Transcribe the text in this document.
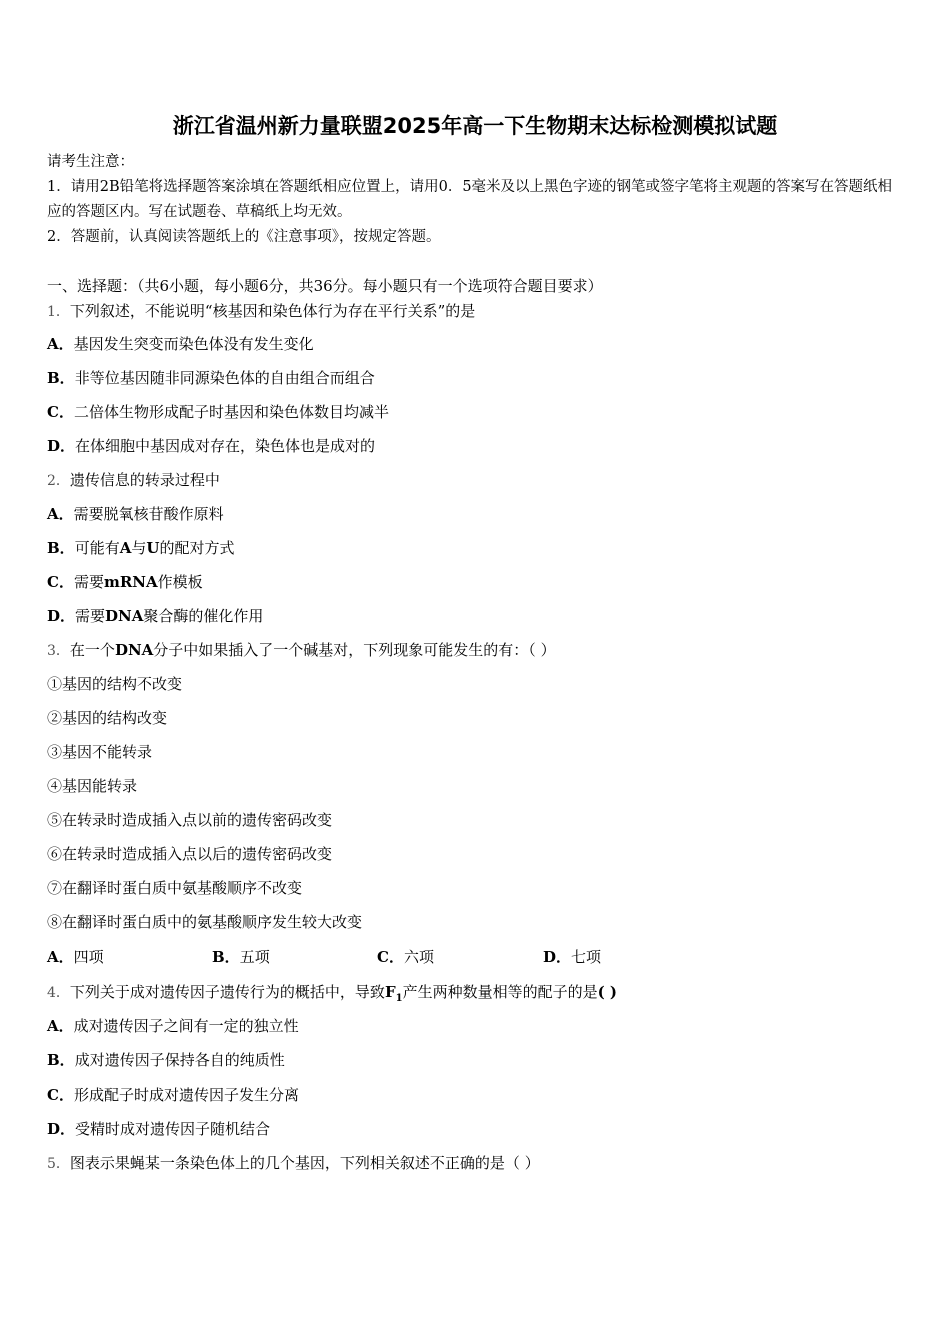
浙江省温州新力量联盟2025年高一下生物期末达标检测模拟试题
请考生注意：
1．请用2B铅笔将选择题答案涂填在答题纸相应位置上，请用0．5毫米及以上黑色字迹的钢笔或签字笔将主观题的答案写在答题纸相应的答题区内。写在试题卷、草稿纸上均无效。
2．答题前，认真阅读答题纸上的《注意事项》，按规定答题。
一、选择题：（共6小题，每小题6分，共36分。每小题只有一个选项符合题目要求）
1．下列叙述，不能说明“核基因和染色体行为存在平行关系”的是
A．基因发生突变而染色体没有发生变化
B．非等位基因随非同源染色体的自由组合而组合
C．二倍体生物形成配子时基因和染色体数目均减半
D．在体细胞中基因成对存在，染色体也是成对的
2．遗传信息的转录过程中
A．需要脱氧核苷酸作原料
B．可能有A与U的配对方式
C．需要mRNA作模板
D．需要DNA聚合酶的催化作用
3．在一个DNA分子中如果插入了一个碱基对，下列现象可能发生的有：（ ）
①基因的结构不改变
②基因的结构改变
③基因不能转录
④基因能转录
⑤在转录时造成插入点以前的遗传密码改变
⑥在转录时造成插入点以后的遗传密码改变
⑦在翻译时蛋白质中氨基酸顺序不改变
⑧在翻译时蛋白质中的氨基酸顺序发生较大改变
A．四项	B．五项	C．六项	D．七项
4．下列关于成对遗传因子遗传行为的概括中，导致$F_1$产生两种数量相等的配子的是( )
A．成对遗传因子之间有一定的独立性
B．成对遗传因子保持各自的纯质性
C．形成配子时成对遗传因子发生分离
D．受精时成对遗传因子随机结合
5．图表示果蝇某一条染色体上的几个基因，下列相关叙述不正确的是（ ）
